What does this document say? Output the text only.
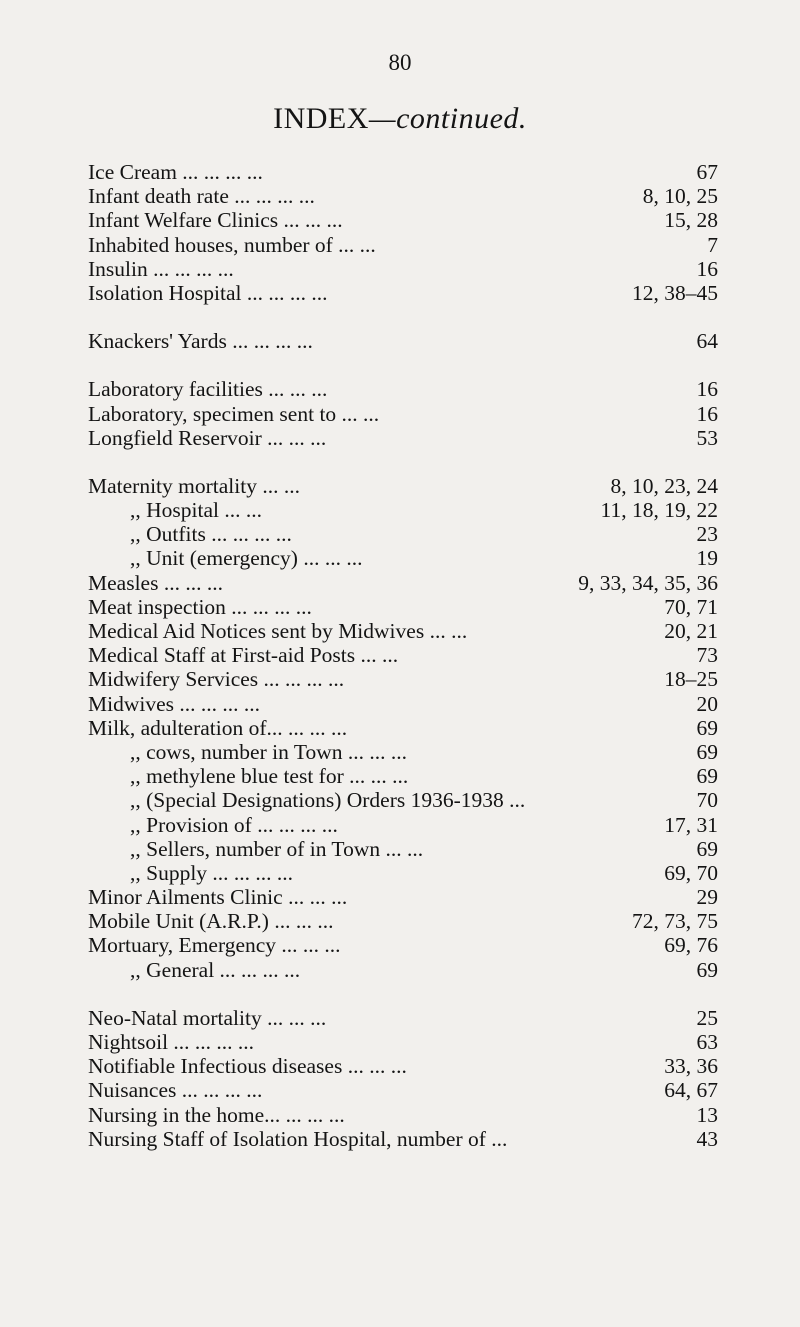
80
INDEX—continued.
Ice Cream ... ... ... ...	67
Infant death rate ... ... ... ...	8, 10, 25
Infant Welfare Clinics ... ... ...	15, 28
Inhabited houses, number of ... ...	7
Insulin ... ... ... ...	16
Isolation Hospital ... ... ... ...	12, 38–45
Knackers' Yards ... ... ... ...	64
Laboratory facilities ... ... ...	16
Laboratory, specimen sent to ... ...	16
Longfield Reservoir ... ... ...	53
Maternity mortality ... ...	8, 10, 23, 24
,, Hospital ... ...	11, 18, 19, 22
,, Outfits ... ... ... ...	23
,, Unit (emergency) ... ... ...	19
Measles ... ... ...	9, 33, 34, 35, 36
Meat inspection ... ... ... ...	70, 71
Medical Aid Notices sent by Midwives ... ...	20, 21
Medical Staff at First-aid Posts ... ...	73
Midwifery Services ... ... ... ...	18–25
Midwives ... ... ... ...	20
Milk, adulteration of... ... ... ...	69
,, cows, number in Town ... ... ...	69
,, methylene blue test for ... ... ...	69
,, (Special Designations) Orders 1936-1938 ...	70
,, Provision of ... ... ... ...	17, 31
,, Sellers, number of in Town ... ...	69
,, Supply ... ... ... ...	69, 70
Minor Ailments Clinic ... ... ...	29
Mobile Unit (A.R.P.) ... ... ...	72, 73, 75
Mortuary, Emergency ... ... ...	69, 76
,, General ... ... ... ...	69
Neo-Natal mortality ... ... ...	25
Nightsoil ... ... ... ...	63
Notifiable Infectious diseases ... ... ...	33, 36
Nuisances ... ... ... ...	64, 67
Nursing in the home... ... ... ...	13
Nursing Staff of Isolation Hospital, number of ...	43
